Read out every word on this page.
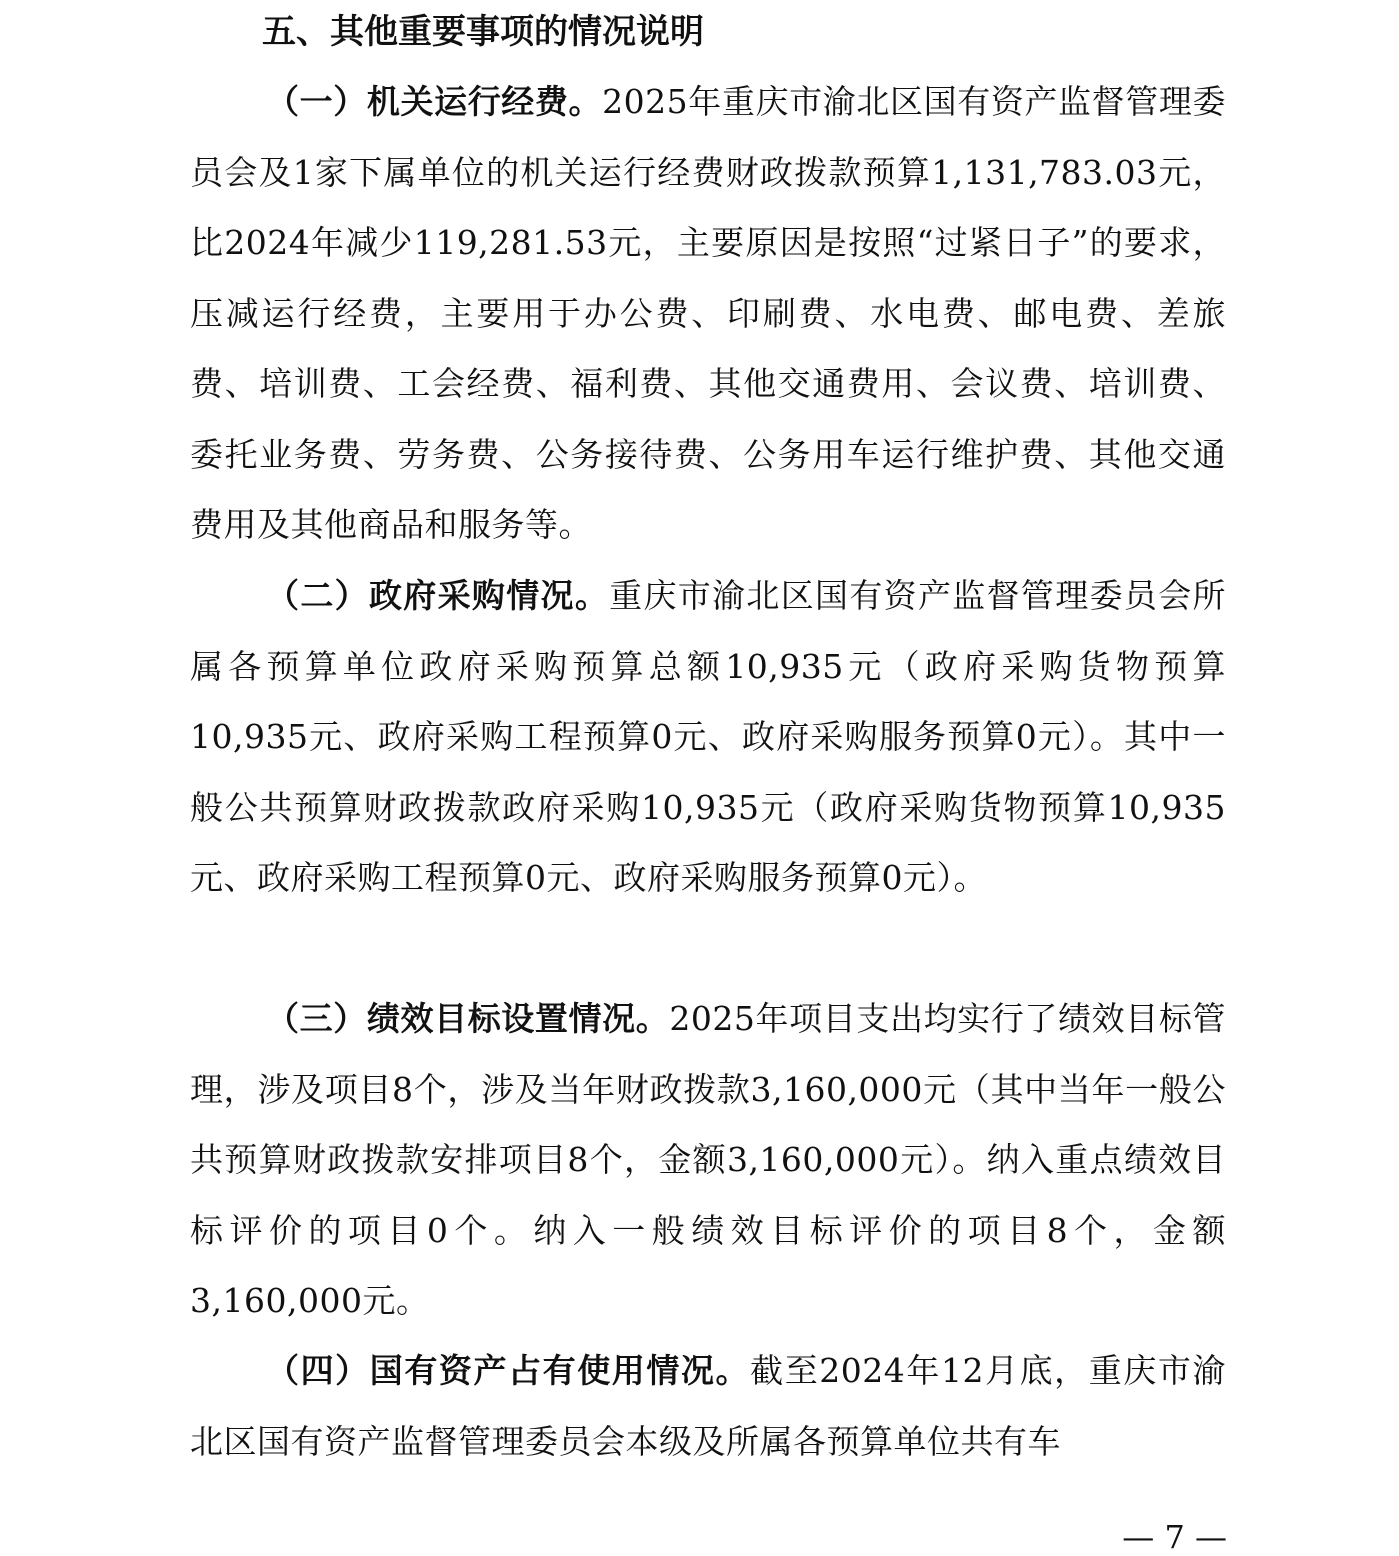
五、其他重要事项的情况说明

（一）机关运行经费。2025年重庆市渝北区国有资产监督管理委员会及1家下属单位的机关运行经费财政拨款预算1,131,783.03元，比2024年减少119,281.53元，主要原因是按照“过紧日子”的要求，压减运行经费，主要用于办公费、印刷费、水电费、邮电费、差旅费、培训费、工会经费、福利费、其他交通费用、会议费、培训费、委托业务费、劳务费、公务接待费、公务用车运行维护费、其他交通费用及其他商品和服务等。

（二）政府采购情况。重庆市渝北区国有资产监督管理委员会所属各预算单位政府采购预算总额10,935元（政府采购货物预算10,935元、政府采购工程预算0元、政府采购服务预算0元）。其中一般公共预算财政拨款政府采购10,935元（政府采购货物预算10,935元、政府采购工程预算0元、政府采购服务预算0元）。

（三）绩效目标设置情况。2025年项目支出均实行了绩效目标管理，涉及项目8个，涉及当年财政拨款3,160,000元（其中当年一般公共预算财政拨款安排项目8个，金额3,160,000元）。纳入重点绩效目标评价的项目0个。纳入一般绩效目标评价的项目8个，金额3,160,000元。

（四）国有资产占有使用情况。截至2024年12月底，重庆市渝北区国有资产监督管理委员会本级及所属各预算单位共有车

— 7 —
